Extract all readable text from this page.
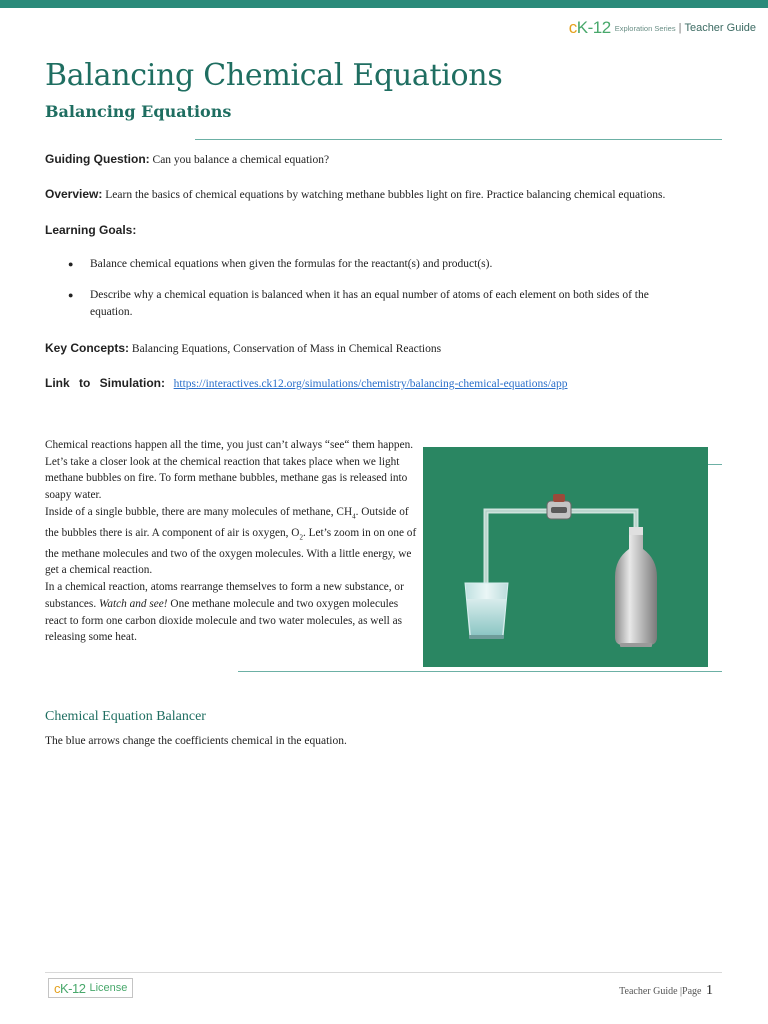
cK-12 Exploration Series | Teacher Guide
Balancing Chemical Equations
Balancing Equations
Guiding Question: Can you balance a chemical equation?
Overview: Learn the basics of chemical equations by watching methane bubbles light on fire. Practice balancing chemical equations.
Learning Goals:
● Balance chemical equations when given the formulas for the reactant(s) and product(s).
● Describe why a chemical equation is balanced when it has an equal number of atoms of each element on both sides of the equation.
Key Concepts: Balancing Equations, Conservation of Mass in Chemical Reactions
Link to Simulation: https://interactives.ck12.org/simulations/chemistry/balancing-chemical-equations/app
Chemical reactions happen all the time, you just can’t always “see“ them happen. Let’s take a closer look at the chemical reaction that takes place when we light methane bubbles on fire. To form methane bubbles, methane gas is released into soapy water.
Inside of a single bubble, there are many molecules of methane, $CH_4$. Outside of the bubbles there is air. A component of air is oxygen, $O_2$. Let’s zoom in on one of the methane molecules and two of the oxygen molecules. With a little energy, we get a chemical reaction.
In a chemical reaction, atoms rearrange themselves to form a new substance, or substances. Watch and see! One methane molecule and two oxygen molecules react to form one carbon dioxide molecule and two water molecules, as well as releasing some heat.
Chemical Equation Balancer
The blue arrows change the coefficients chemical in the equation.
cK-12 License	Teacher Guide |Page 1
